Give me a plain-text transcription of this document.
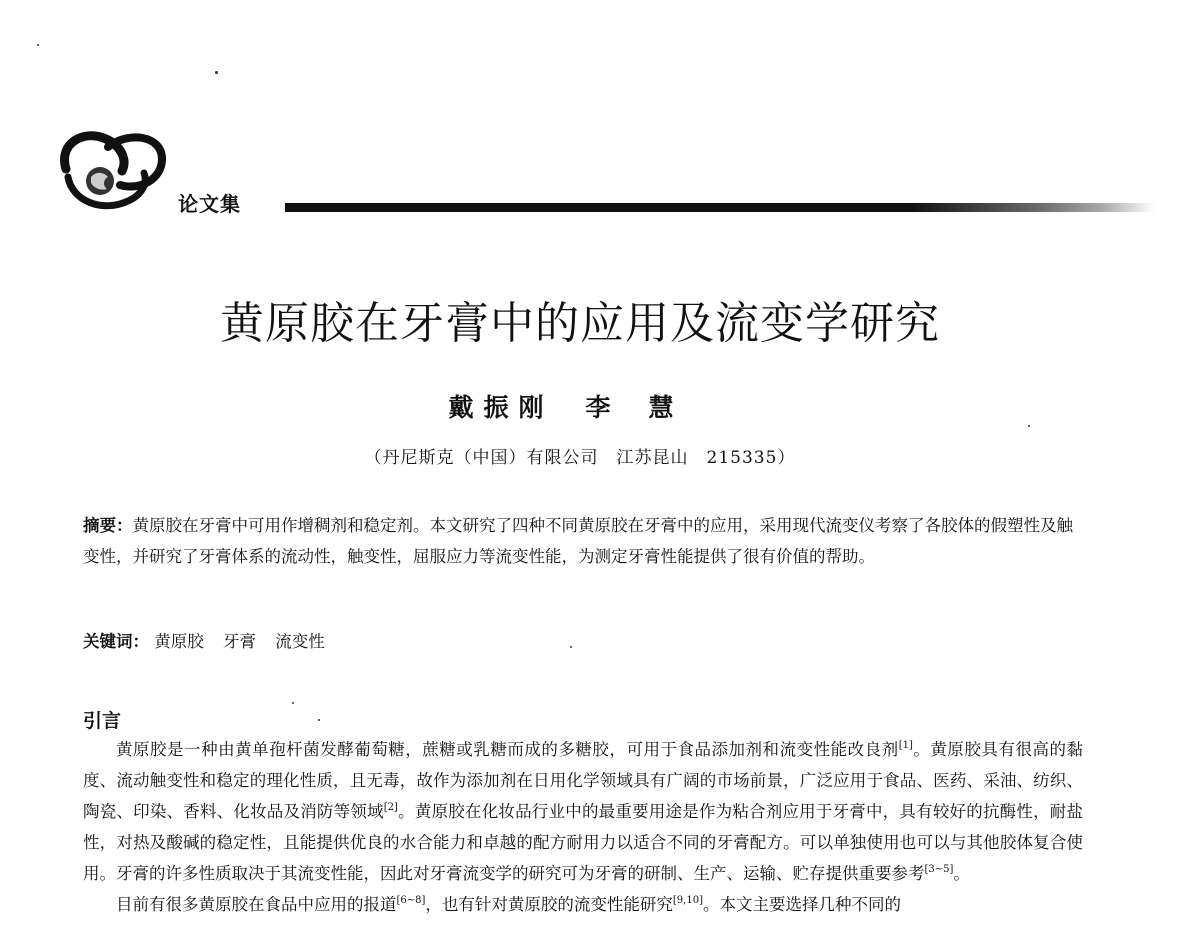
论文集
黄原胶在牙膏中的应用及流变学研究
戴振刚 李慧
（丹尼斯克（中国）有限公司　江苏昆山　215335）
摘要：黄原胶在牙膏中可用作增稠剂和稳定剂。本文研究了四种不同黄原胶在牙膏中的应用，采用现代流变仪考察了各胶体的假塑性及触变性，并研究了牙膏体系的流动性，触变性，屈服应力等流变性能，为测定牙膏性能提供了很有价值的帮助。
关键词： 黄原胶 牙膏 流变性
引言

黄原胶是一种由黄单孢杆菌发酵葡萄糖，蔗糖或乳糖而成的多糖胶，可用于食品添加剂和流变性能改良剂[1]。黄原胶具有很高的黏度、流动触变性和稳定的理化性质，且无毒，故作为添加剂在日用化学领域具有广阔的市场前景，广泛应用于食品、医药、采油、纺织、陶瓷、印染、香料、化妆品及消防等领域[2]。黄原胶在化妆品行业中的最重要用途是作为粘合剂应用于牙膏中，具有较好的抗酶性，耐盐性，对热及酸碱的稳定性，且能提供优良的水合能力和卓越的配方耐用力以适合不同的牙膏配方。可以单独使用也可以与其他胶体复合使用。牙膏的许多性质取决于其流变性能，因此对牙膏流变学的研究可为牙膏的研制、生产、运输、贮存提供重要参考[3~5]。

目前有很多黄原胶在食品中应用的报道[6~8]，也有针对黄原胶的流变性能研究[9,10]。本文主要选择几种不同的
